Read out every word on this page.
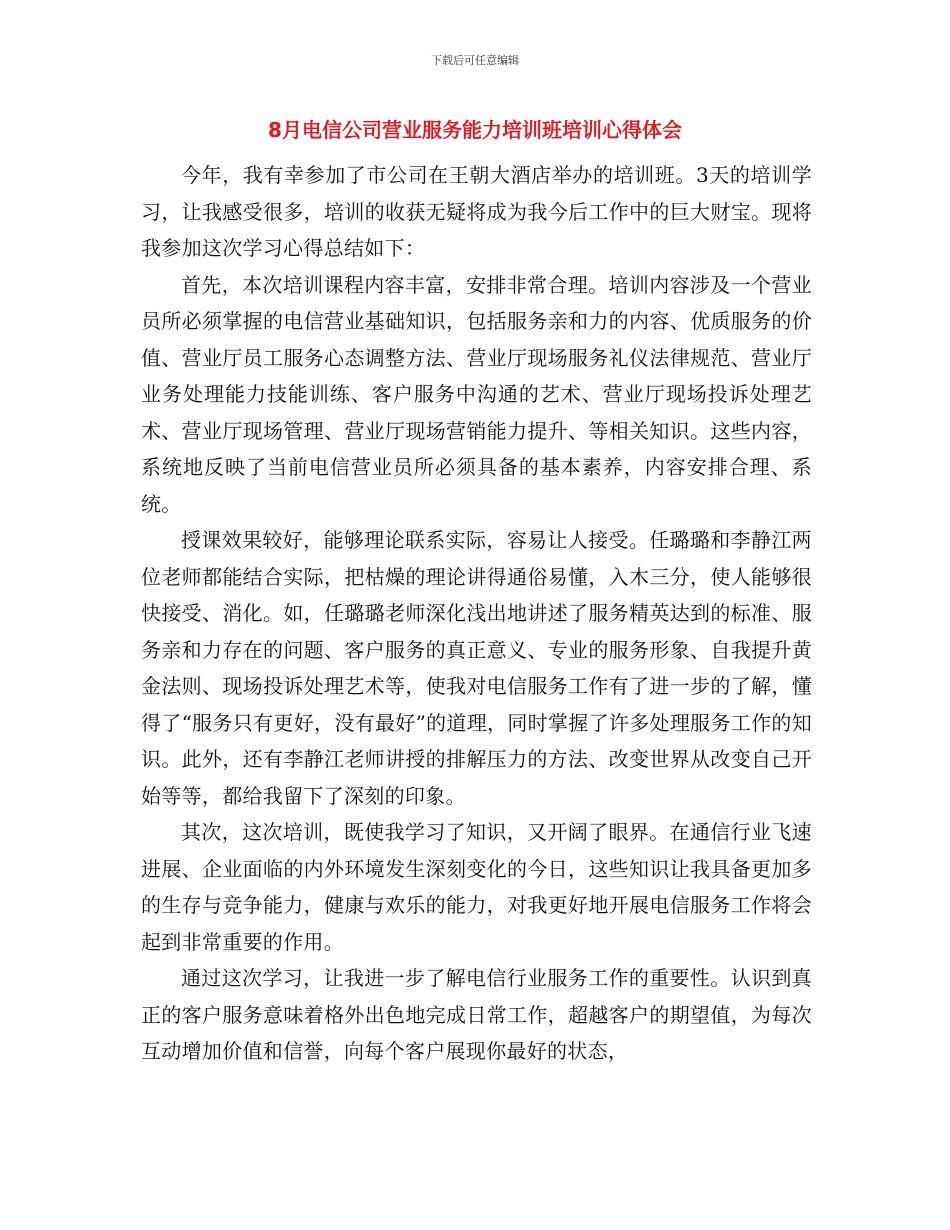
下载后可任意编辑
8月电信公司营业服务能力培训班培训心得体会

今年，我有幸参加了市公司在王朝大酒店举办的培训班。3天的培训学习，让我感受很多，培训的收获无疑将成为我今后工作中的巨大财宝。现将我参加这次学习心得总结如下：

首先，本次培训课程内容丰富，安排非常合理。培训内容涉及一个营业员所必须掌握的电信营业基础知识，包括服务亲和力的内容、优质服务的价值、营业厅员工服务心态调整方法、营业厅现场服务礼仪法律规范、营业厅业务处理能力技能训练、客户服务中沟通的艺术、营业厅现场投诉处理艺术、营业厅现场管理、营业厅现场营销能力提升、等相关知识。这些内容，系统地反映了当前电信营业员所必须具备的基本素养，内容安排合理、系统。

授课效果较好，能够理论联系实际，容易让人接受。任璐璐和李静江两位老师都能结合实际，把枯燥的理论讲得通俗易懂，入木三分，使人能够很快接受、消化。如，任璐璐老师深化浅出地讲述了服务精英达到的标准、服务亲和力存在的问题、客户服务的真正意义、专业的服务形象、自我提升黄金法则、现场投诉处理艺术等，使我对电信服务工作有了进一步的了解，懂得了“服务只有更好，没有最好”的道理，同时掌握了许多处理服务工作的知识。此外，还有李静江老师讲授的排解压力的方法、改变世界从改变自己开始等等，都给我留下了深刻的印象。

其次，这次培训，既使我学习了知识，又开阔了眼界。在通信行业飞速进展、企业面临的内外环境发生深刻变化的今日，这些知识让我具备更加多的生存与竞争能力，健康与欢乐的能力，对我更好地开展电信服务工作将会起到非常重要的作用。

通过这次学习，让我进一步了解电信行业服务工作的重要性。认识到真正的客户服务意味着格外出色地完成日常工作，超越客户的期望值，为每次互动增加价值和信誉，向每个客户展现你最好的状态，
